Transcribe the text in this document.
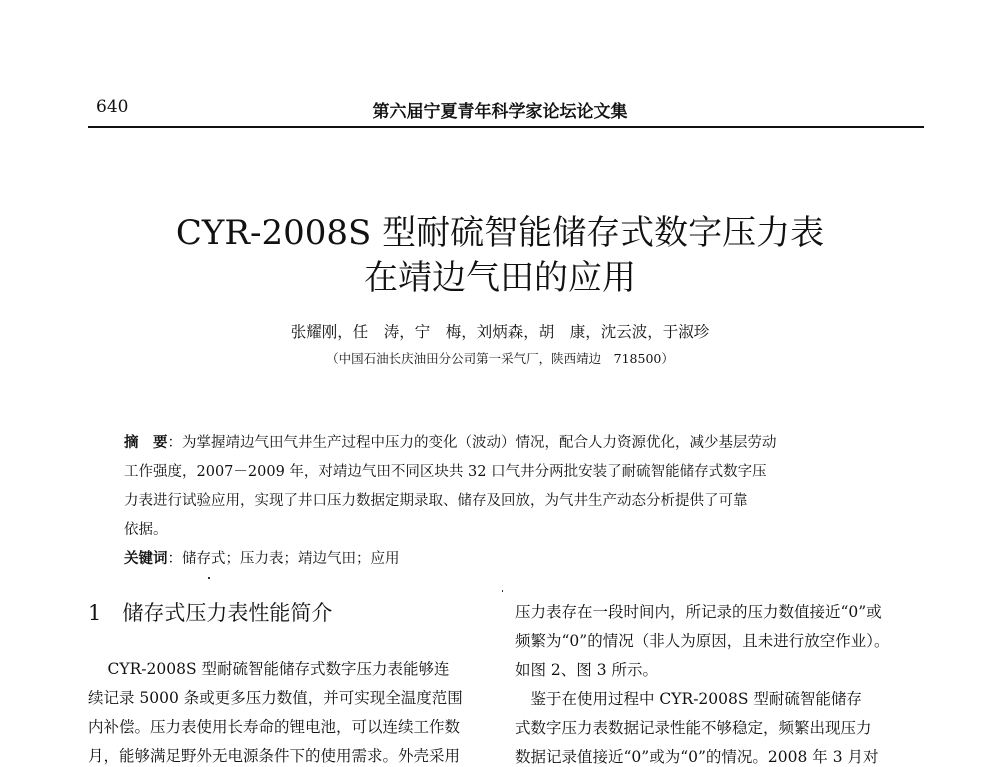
640	第六届宁夏青年科学家论坛论文集
CYR-2008S 型耐硫智能储存式数字压力表
在靖边气田的应用
张耀刚，任　涛，宁　梅，刘炳森，胡　康，沈云波，于淑珍
（中国石油长庆油田分公司第一采气厂，陕西靖边　718500）
摘　要：为掌握靖边气田气井生产过程中压力的变化（波动）情况，配合人力资源优化，减少基层劳动
工作强度，2007－2009 年，对靖边气田不同区块共 32 口气井分两批安装了耐硫智能储存式数字压
力表进行试验应用，实现了井口压力数据定期录取、储存及回放，为气井生产动态分析提供了可靠
依据。
关键词：储存式；压力表；靖边气田；应用
1　储存式压力表性能简介
　CYR-2008S 型耐硫智能储存式数字压力表能够连
续记录 5000 条或更多压力数值，并可实现全温度范围
内补偿。压力表使用长寿命的锂电池，可以连续工作数
月，能够满足野外无电源条件下的使用需求。外壳采用
压力表存在一段时间内，所记录的压力数值接近“0”或
频繁为“0”的情况（非人为原因，且未进行放空作业）。
如图 2、图 3 所示。
　鉴于在使用过程中 CYR-2008S 型耐硫智能储存
式数字压力表数据记录性能不够稳定，频繁出现压力
数据记录值接近“0”或为“0”的情况。2008 年 3 月对
